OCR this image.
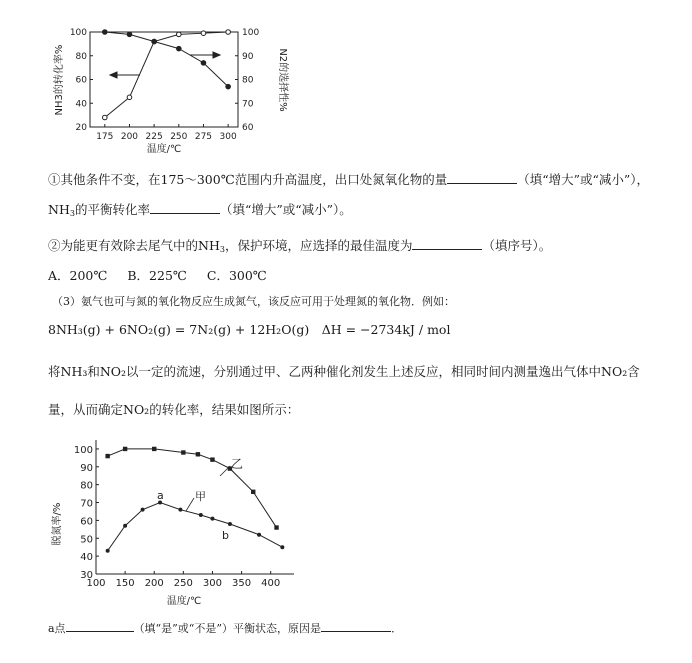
100
80
60
40
20
100
90
80
70
60
175 200 225 250 275 300
NH3的转化率%	N2的选择性%
温度/℃
①其他条件不变，在175～300℃范围内升高温度，出口处氮氧化物的量	（填“增大”或“减小”），
$NH_3$的平衡转化率	（填“增大”或“减小”）。
②为能更有效除去尾气中的$NH_3$，保护环境，应选择的最佳温度为	（填序号）。
A．200℃ B．225℃ C．300℃
（3）氨气也可与氮的氧化物反应生成氮气，该反应可用于处理氮的氧化物．例如：
8NH₃(g) + 6NO₂(g) = 7N₂(g) + 12H₂O(g)　ΔH = −2734kJ / mol
将NH₃和NO₂以一定的流速，分别通过甲、乙两种催化剂发生上述反应，相同时间内测量逸出气体中NO₂含
量，从而确定NO₂的转化率，结果如图所示：
100
90
80
70
60
50
40
30
100 150 200 250 300 350 400
a	甲
乙
b
脱氮率/%
温度/℃
a点	（填“是”或“不是”）平衡状态，原因是	．
